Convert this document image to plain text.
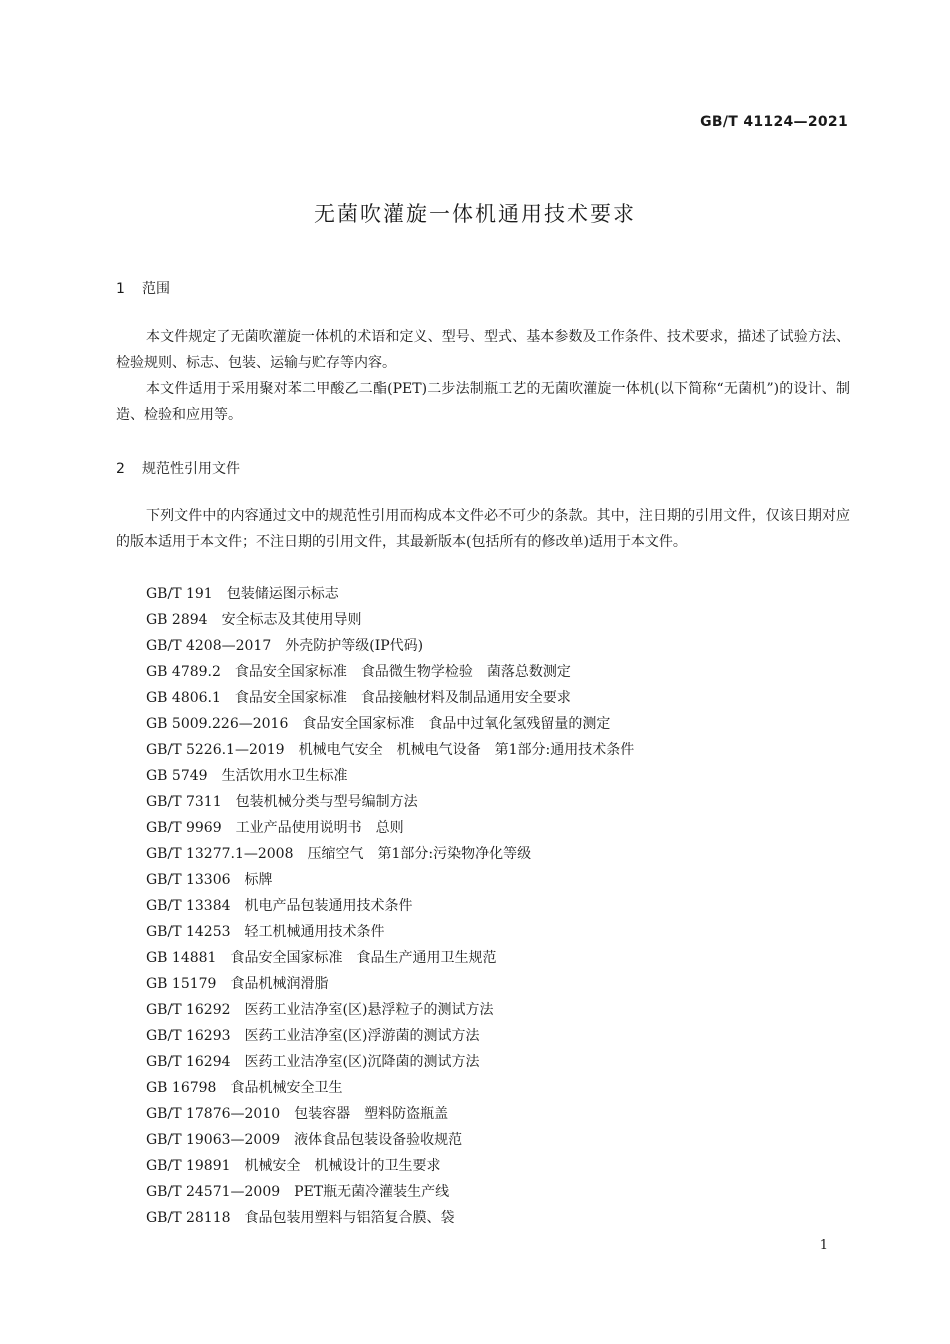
GB/T 41124—2021
无菌吹灌旋一体机通用技术要求
1 范围
本文件规定了无菌吹灌旋一体机的术语和定义、型号、型式、基本参数及工作条件、技术要求，描述了试验方法、检验规则、标志、包装、运输与贮存等内容。
本文件适用于采用聚对苯二甲酸乙二酯(PET)二步法制瓶工艺的无菌吹灌旋一体机(以下简称“无菌机”)的设计、制造、检验和应用等。
2 规范性引用文件
下列文件中的内容通过文中的规范性引用而构成本文件必不可少的条款。其中，注日期的引用文件，仅该日期对应的版本适用于本文件；不注日期的引用文件，其最新版本(包括所有的修改单)适用于本文件。
GB/T 191 包装储运图示标志
GB 2894 安全标志及其使用导则
GB/T 4208—2017 外壳防护等级(IP代码)
GB 4789.2 食品安全国家标准　食品微生物学检验　菌落总数测定
GB 4806.1 食品安全国家标准　食品接触材料及制品通用安全要求
GB 5009.226—2016 食品安全国家标准　食品中过氧化氢残留量的测定
GB/T 5226.1—2019 机械电气安全　机械电气设备　第1部分:通用技术条件
GB 5749 生活饮用水卫生标准
GB/T 7311 包装机械分类与型号编制方法
GB/T 9969 工业产品使用说明书　总则
GB/T 13277.1—2008 压缩空气　第1部分:污染物净化等级
GB/T 13306 标牌
GB/T 13384 机电产品包装通用技术条件
GB/T 14253 轻工机械通用技术条件
GB 14881 食品安全国家标准　食品生产通用卫生规范
GB 15179 食品机械润滑脂
GB/T 16292 医药工业洁净室(区)悬浮粒子的测试方法
GB/T 16293 医药工业洁净室(区)浮游菌的测试方法
GB/T 16294 医药工业洁净室(区)沉降菌的测试方法
GB 16798 食品机械安全卫生
GB/T 17876—2010 包装容器　塑料防盗瓶盖
GB/T 19063—2009 液体食品包装设备验收规范
GB/T 19891 机械安全　机械设计的卫生要求
GB/T 24571—2009 PET瓶无菌冷灌装生产线
GB/T 28118 食品包装用塑料与铝箔复合膜、袋
1
